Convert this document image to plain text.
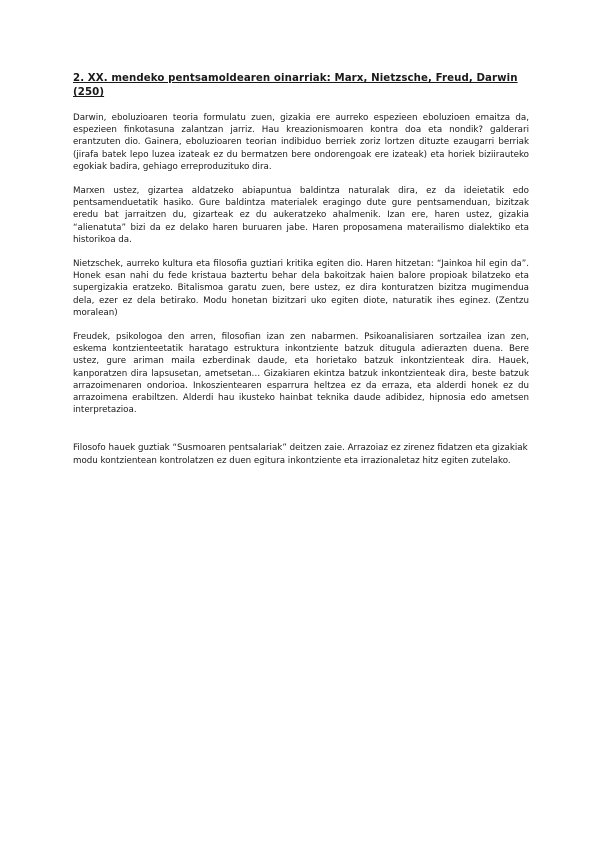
2. XX. mendeko pentsamoldearen oinarriak: Marx, Nietzsche, Freud, Darwin (250)

Darwin, eboluzioaren teoria formulatu zuen, gizakia ere aurreko espezieen eboluzioen emaitza da, espezieen finkotasuna zalantzan jarriz. Hau kreazionismoaren kontra doa eta nondik? galderari erantzuten dio. Gainera, eboluzioaren teorian indibiduo berriek zoriz lortzen dituzte ezaugarri berriak (jirafa batek lepo luzea izateak ez du bermatzen bere ondorengoak ere izateak) eta horiek biziirauteko egokiak badira, gehiago erreproduzituko dira.

Marxen ustez, gizartea aldatzeko abiapuntua baldintza naturalak dira, ez da ideietatik edo pentsamenduetatik hasiko. Gure baldintza materialek eragingo dute gure pentsamenduan, bizitzak eredu bat jarraitzen du, gizarteak ez du aukeratzeko ahalmenik. Izan ere, haren ustez, gizakia “alienatuta” bizi da ez delako haren buruaren jabe. Haren proposamena materailismo dialektiko eta historikoa da.

Nietzschek, aurreko kultura eta filosofia guztiari kritika egiten dio. Haren hitzetan: “Jainkoa hil egin da”. Honek esan nahi du fede kristaua baztertu behar dela bakoitzak haien balore propioak bilatzeko eta supergizakia eratzeko. Bitalismoa garatu zuen, bere ustez, ez dira konturatzen bizitza mugimendua dela, ezer ez dela betirako. Modu honetan bizitzari uko egiten diote, naturatik ihes eginez. (Zentzu moralean)

Freudek, psikologoa den arren, filosofian izan zen nabarmen. Psikoanalisiaren sortzailea izan zen, eskema kontzienteetatik haratago estruktura inkontziente batzuk ditugula adierazten duena. Bere ustez, gure ariman maila ezberdinak daude, eta horietako batzuk inkontzienteak dira. Hauek, kanporatzen dira lapsusetan, ametsetan… Gizakiaren ekintza batzuk inkontzienteak dira, beste batzuk arrazoimenaren ondorioa. Inkoszientearen esparrura heltzea ez da erraza, eta alderdi honek ez du arrazoimena erabiltzen. Alderdi hau ikusteko hainbat teknika daude adibidez, hipnosia edo ametsen interpretazioa.

Filosofo hauek guztiak “Susmoaren pentsalariak” deitzen zaie. Arrazoiaz ez zirenez fidatzen eta gizakiak
modu kontzientean kontrolatzen ez duen egitura inkontziente eta irrazionaletaz hitz egiten zutelako.
